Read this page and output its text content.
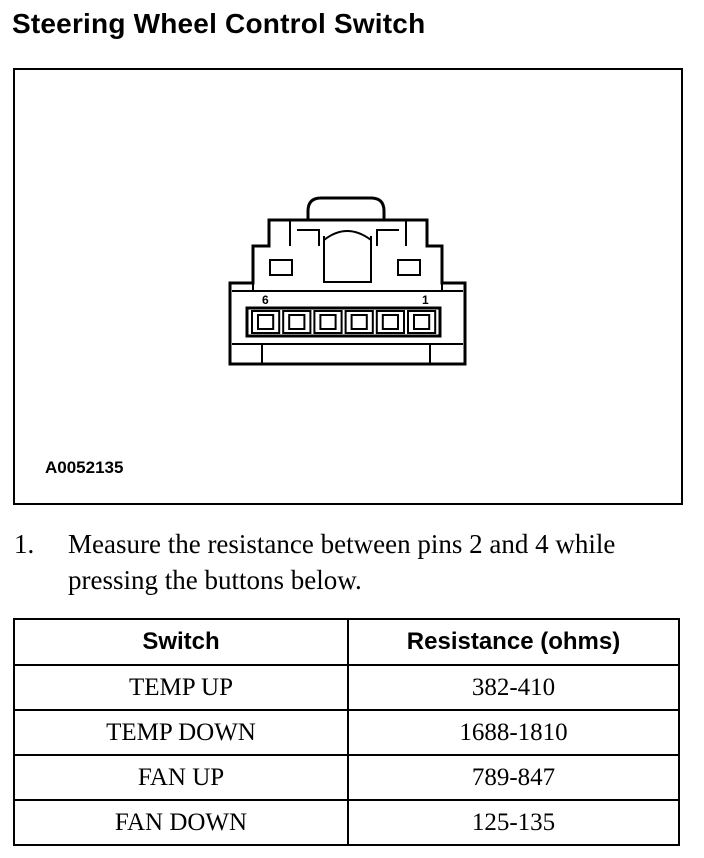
Steering Wheel Control Switch
6	1
A0052135
1. Measure the resistance between pins 2 and 4 while pressing the buttons below.
Switch	Resistance (ohms)
TEMP UP	382-410
TEMP DOWN	1688-1810
FAN UP	789-847
FAN DOWN	125-135
